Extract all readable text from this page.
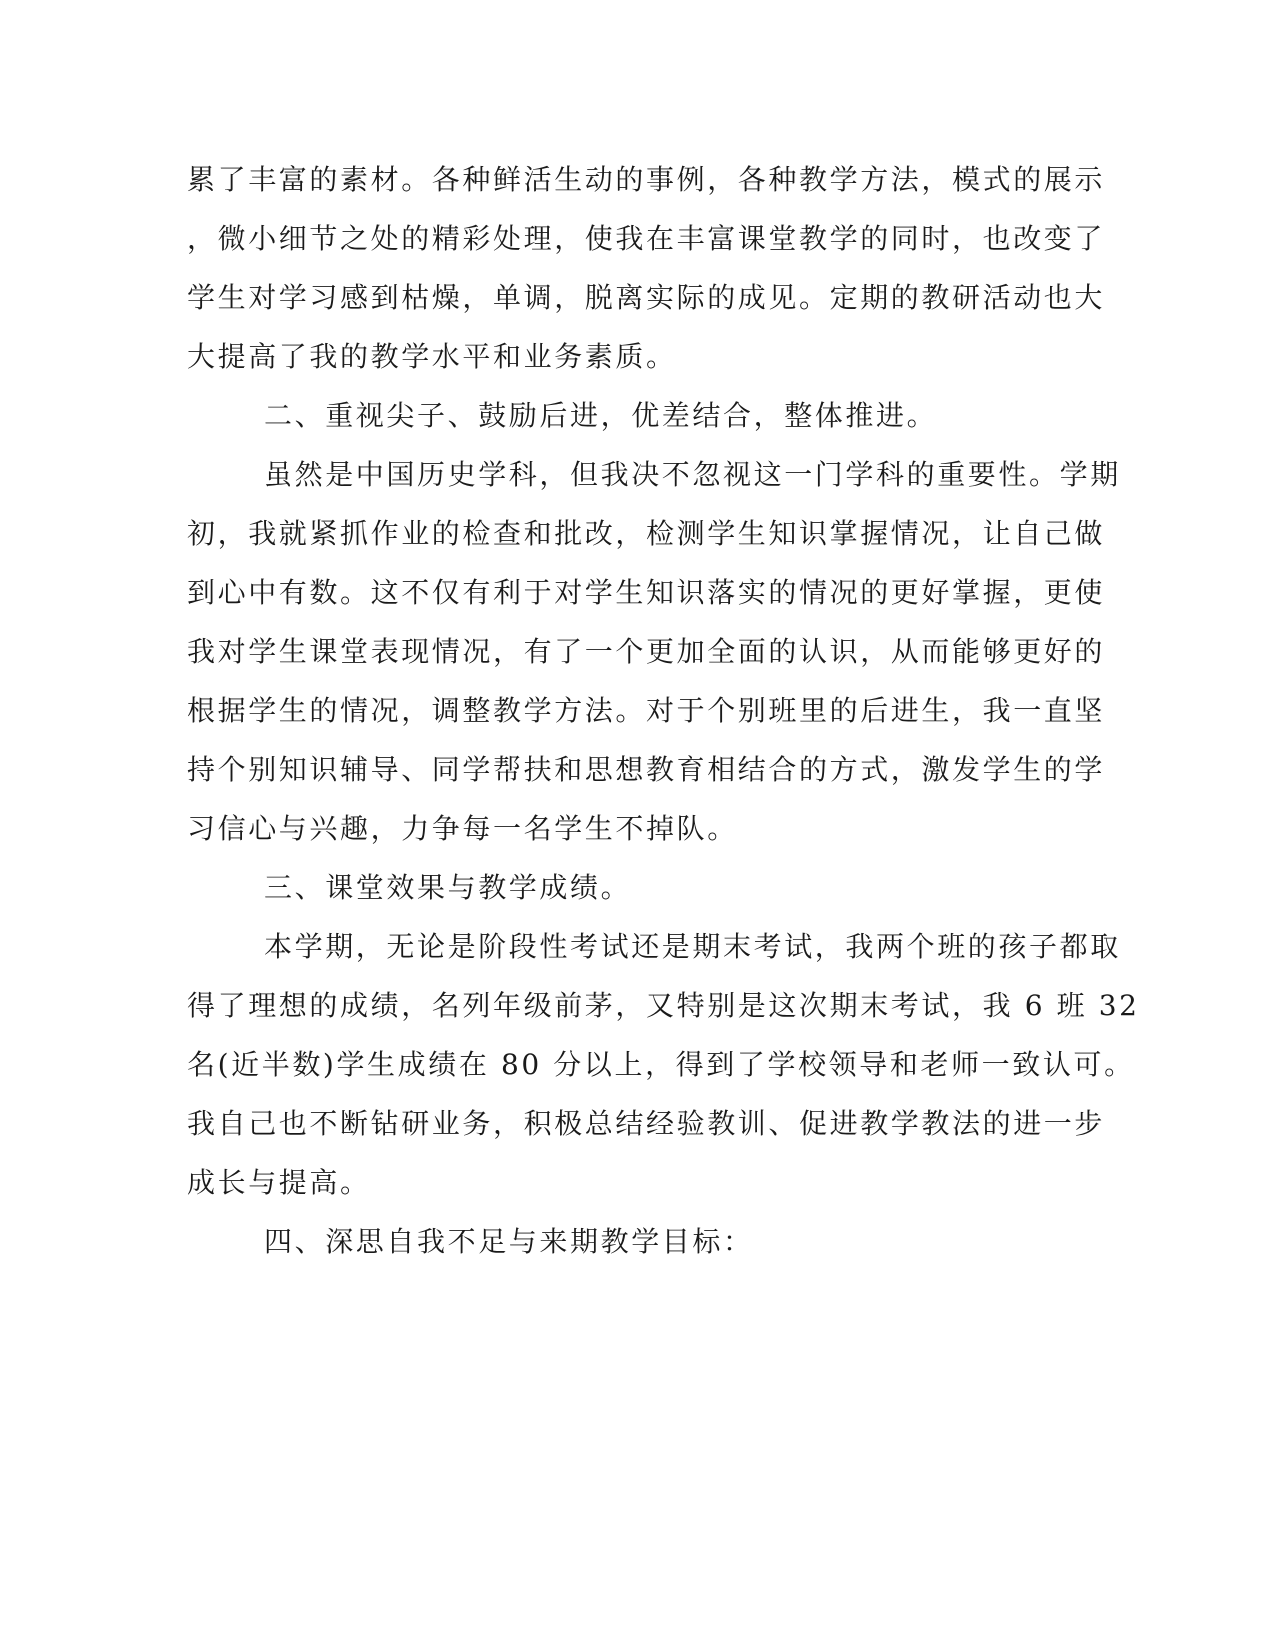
累了丰富的素材。各种鲜活生动的事例，各种教学方法，模式的展示
，微小细节之处的精彩处理，使我在丰富课堂教学的同时，也改变了
学生对学习感到枯燥，单调，脱离实际的成见。定期的教研活动也大
大提高了我的教学水平和业务素质。
二、重视尖子、鼓励后进，优差结合，整体推进。
虽然是中国历史学科，但我决不忽视这一门学科的重要性。学期
初，我就紧抓作业的检查和批改，检测学生知识掌握情况，让自己做
到心中有数。这不仅有利于对学生知识落实的情况的更好掌握，更使
我对学生课堂表现情况，有了一个更加全面的认识，从而能够更好的
根据学生的情况，调整教学方法。对于个别班里的后进生，我一直坚
持个别知识辅导、同学帮扶和思想教育相结合的方式，激发学生的学
习信心与兴趣，力争每一名学生不掉队。
三、课堂效果与教学成绩。
本学期，无论是阶段性考试还是期末考试，我两个班的孩子都取
得了理想的成绩，名列年级前茅，又特别是这次期末考试，我 6 班 32
名(近半数)学生成绩在 80 分以上，得到了学校领导和老师一致认可。
我自己也不断钻研业务，积极总结经验教训、促进教学教法的进一步
成长与提高。
四、深思自我不足与来期教学目标：
